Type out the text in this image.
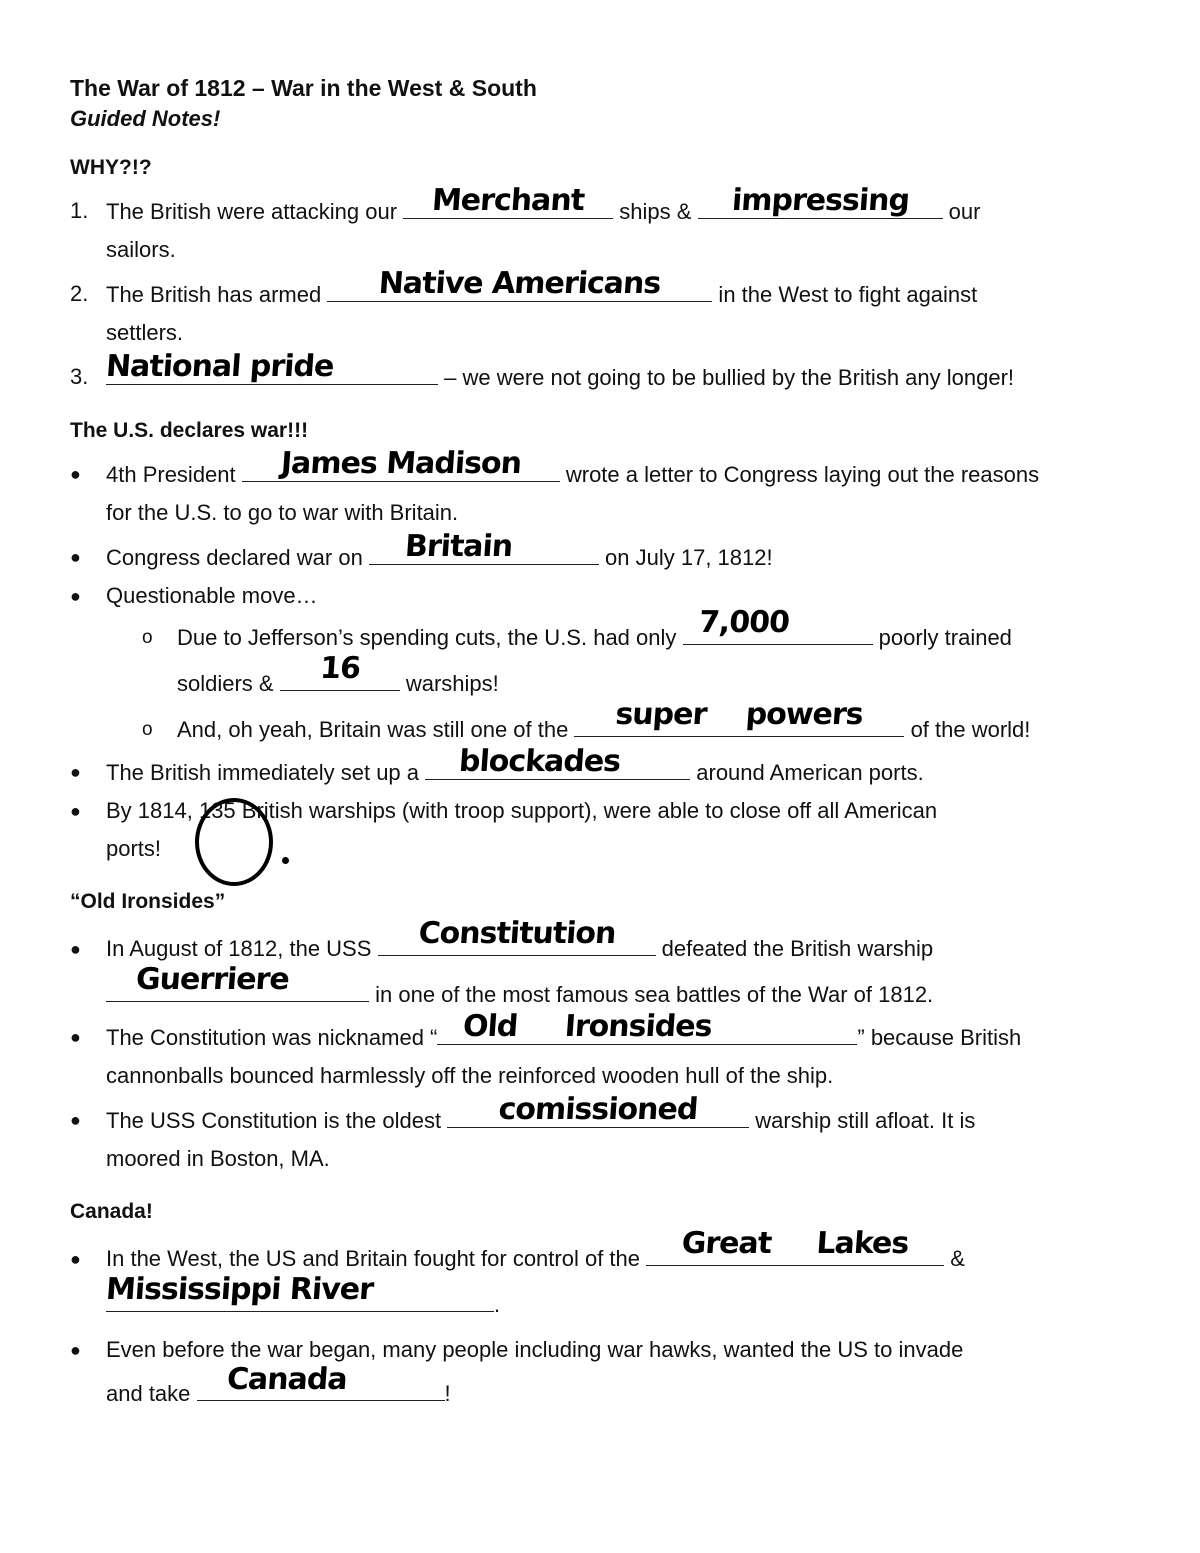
The War of 1812 – War in the West & South

Guided Notes!

WHY?!?
1. The British were attacking our Merchant	ships &	impressing	our
sailors.
2. The British has armed	Native Americans	in the West to fight against
settlers.
3. National pride	– we were not going to be bullied by the British any longer!
The U.S. declares war!!!
●	4th President	James Madison	wrote a letter to Congress laying out the reasons
for the U.S. to go to war with Britain.
●	Congress declared war on	Britain	on July 17, 1812!
●	Questionable move…
o	Due to Jefferson’s spending cuts, the U.S. had only 7,000	poorly trained
soldiers &	16	warships!
o	And, oh yeah, Britain was still one of the	super powers	of the world!
●	The British immediately set up a	blockades	around American ports.
●	By 1814, 135 British warships (with troop support), were able to close off all American
ports!
“Old Ironsides”
●	In August of 1812, the USS	Constitution	defeated the British warship

Guerriere	in one of the most famous sea battles of the War of 1812.
●	The Constitution was nicknamed “ Old Ironsides	” because British
cannonballs bounced harmlessly off the reinforced wooden hull of the ship.
●	The USS Constitution is the oldest	comissioned	warship still afloat. It is
moored in Boston, MA.
Canada!
●	In the West, the US and Britain fought for control of the	Great Lakes	&

Mississippi River	.
●	Even before the war began, many people including war hawks, wanted the US to invade
and take Canada	!
